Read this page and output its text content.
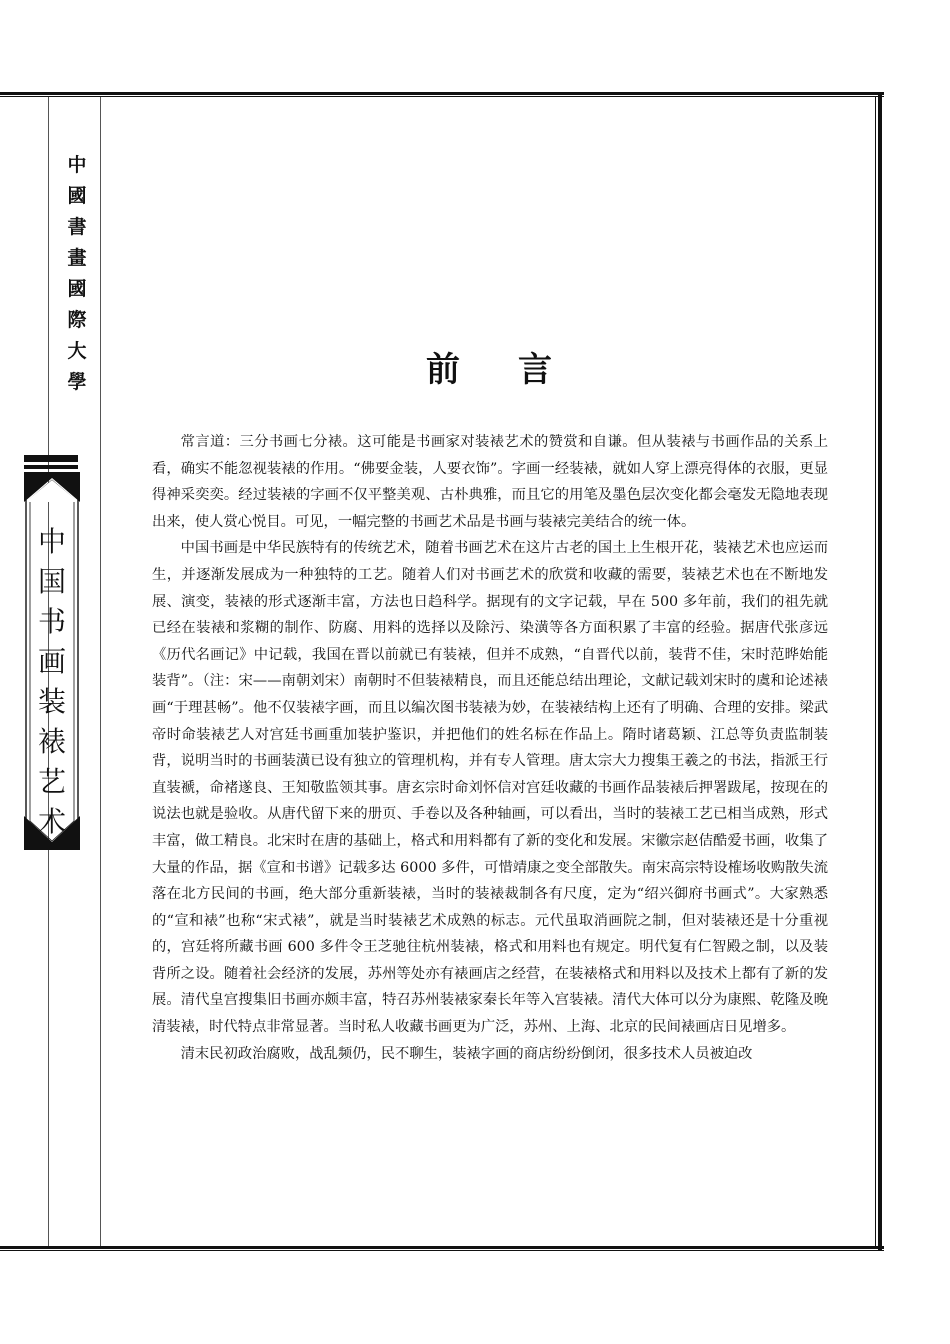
中
國
書
畫
國
際
大
學
中
国
书
画
装
裱
艺
术
前言

常言道：三分书画七分裱。这可能是书画家对装裱艺术的赞赏和自谦。但从装裱与书画作品的关系上看，确实不能忽视装裱的作用。“佛要金装，人要衣饰”。字画一经装裱，就如人穿上漂亮得体的衣服，更显得神采奕奕。经过装裱的字画不仅平整美观、古朴典雅，而且它的用笔及墨色层次变化都会毫发无隐地表现出来，使人赏心悦目。可见，一幅完整的书画艺术品是书画与装裱完美结合的统一体。

中国书画是中华民族特有的传统艺术，随着书画艺术在这片古老的国土上生根开花，装裱艺术也应运而生，并逐渐发展成为一种独特的工艺。随着人们对书画艺术的欣赏和收藏的需要，装裱艺术也在不断地发展、演变，装裱的形式逐渐丰富，方法也日趋科学。据现有的文字记载，早在 500 多年前，我们的祖先就已经在装裱和浆糊的制作、防腐、用料的选择以及除污、染潢等各方面积累了丰富的经验。据唐代张彦远《历代名画记》中记载，我国在晋以前就已有装裱，但并不成熟，“自晋代以前，装背不佳，宋时范晔始能装背”。（注：宋——南朝刘宋）南朝时不但装裱精良，而且还能总结出理论，文献记载刘宋时的虞和论述裱画“于理甚畅”。他不仅装裱字画，而且以编次图书装裱为妙，在装裱结构上还有了明确、合理的安排。梁武帝时命装裱艺人对宫廷书画重加装护鉴识，并把他们的姓名标在作品上。隋时诸葛颖、江总等负责监制装背，说明当时的书画装潢已设有独立的管理机构，并有专人管理。唐太宗大力搜集王羲之的书法，指派王行直装褫，命褚遂良、王知敬监领其事。唐玄宗时命刘怀信对宫廷收藏的书画作品装裱后押署跋尾，按现在的说法也就是验收。从唐代留下来的册页、手卷以及各种轴画，可以看出，当时的装裱工艺已相当成熟，形式丰富，做工精良。北宋时在唐的基础上，格式和用料都有了新的变化和发展。宋徽宗赵佶酷爱书画，收集了大量的作品，据《宣和书谱》记载多达 6000 多件，可惜靖康之变全部散失。南宋高宗特设榷场收购散失流落在北方民间的书画，绝大部分重新装裱，当时的装裱裁制各有尺度，定为“绍兴御府书画式”。大家熟悉的“宣和裱”也称“宋式裱”，就是当时装裱艺术成熟的标志。元代虽取消画院之制，但对装裱还是十分重视的，宫廷将所藏书画 600 多件令王芝驰往杭州装裱，格式和用料也有规定。明代复有仁智殿之制，以及装背所之设。随着社会经济的发展，苏州等处亦有裱画店之经营，在装裱格式和用料以及技术上都有了新的发展。清代皇宫搜集旧书画亦颇丰富，特召苏州装裱家秦长年等入宫装裱。清代大体可以分为康熙、乾隆及晚清装裱，时代特点非常显著。当时私人收藏书画更为广泛，苏州、上海、北京的民间裱画店日见增多。

清末民初政治腐败，战乱频仍，民不聊生，装裱字画的商店纷纷倒闭，很多技术人员被迫改
